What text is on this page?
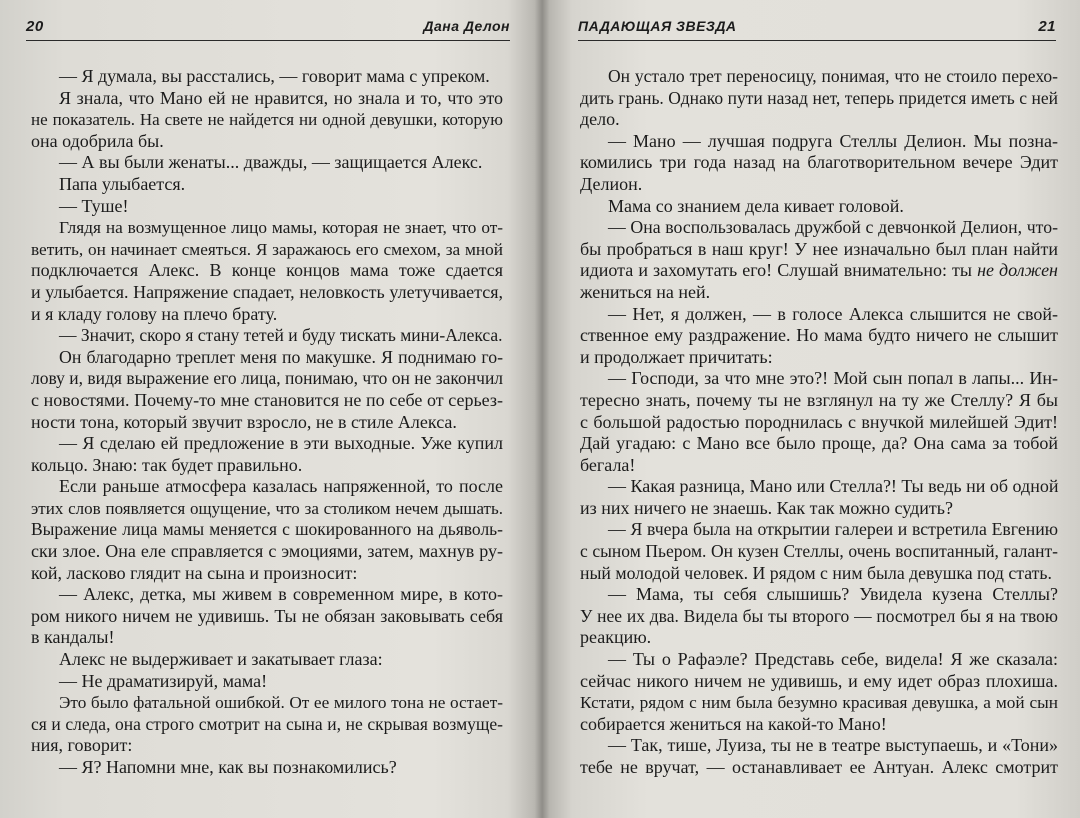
20	Дана Делон
— Я думала, вы расстались, — говорит мама с упреком.
Я знала, что Мано ей не нравится, но знала и то, что это
не показатель. На свете не найдется ни одной девушки, которую
она одобрила бы.
— А вы были женаты... дважды, — защищается Алекс.
Папа улыбается.
— Туше!
Глядя на возмущенное лицо мамы, которая не знает, что от-
ветить, он начинает смеяться. Я заражаюсь его смехом, за мной
подключается Алекс. В конце концов мама тоже сдается
и улыбается. Напряжение спадает, неловкость улетучивается,
и я кладу голову на плечо брату.
— Значит, скоро я стану тетей и буду тискать мини-Алекса.
Он благодарно треплет меня по макушке. Я поднимаю го-
лову и, видя выражение его лица, понимаю, что он не закончил
с новостями. Почему-то мне становится не по себе от серьез-
ности тона, который звучит взросло, не в стиле Алекса.
— Я сделаю ей предложение в эти выходные. Уже купил
кольцо. Знаю: так будет правильно.
Если раньше атмосфера казалась напряженной, то после
этих слов появляется ощущение, что за столиком нечем дышать.
Выражение лица мамы меняется с шокированного на дьяволь-
ски злое. Она еле справляется с эмоциями, затем, махнув ру-
кой, ласково глядит на сына и произносит:
— Алекс, детка, мы живем в современном мире, в кото-
ром никого ничем не удивишь. Ты не обязан заковывать себя
в кандалы!
Алекс не выдерживает и закатывает глаза:
— Не драматизируй, мама!
Это было фатальной ошибкой. От ее милого тона не остает-
ся и следа, она строго смотрит на сына и, не скрывая возмуще-
ния, говорит:
— Я? Напомни мне, как вы познакомились?
ПАДАЮЩАЯ ЗВЕЗДА	21
Он устало трет переносицу, понимая, что не стоило перехо-
дить грань. Однако пути назад нет, теперь придется иметь с ней
дело.
— Мано — лучшая подруга Стеллы Делион. Мы позна-
комились три года назад на благотворительном вечере Эдит
Делион.
Мама со знанием дела кивает головой.
— Она воспользовалась дружбой с девчонкой Делион, что-
бы пробраться в наш круг! У нее изначально был план найти
идиота и захомутать его! Слушай внимательно: ты не должен
жениться на ней.
— Нет, я должен, — в голосе Алекса слышится не свой-
ственное ему раздражение. Но мама будто ничего не слышит
и продолжает причитать:
— Господи, за что мне это?! Мой сын попал в лапы... Ин-
тересно знать, почему ты не взглянул на ту же Стеллу? Я бы
с большой радостью породнилась с внучкой милейшей Эдит!
Дай угадаю: с Мано все было проще, да? Она сама за тобой
бегала!
— Какая разница, Мано или Стелла?! Ты ведь ни об одной
из них ничего не знаешь. Как так можно судить?
— Я вчера была на открытии галереи и встретила Евгению
с сыном Пьером. Он кузен Стеллы, очень воспитанный, галант-
ный молодой человек. И рядом с ним была девушка под стать.
— Мама, ты себя слышишь? Увидела кузена Стеллы?
У нее их два. Видела бы ты второго — посмотрел бы я на твою
реакцию.
— Ты о Рафаэле? Представь себе, видела! Я же сказала:
сейчас никого ничем не удивишь, и ему идет образ плохиша.
Кстати, рядом с ним была безумно красивая девушка, а мой сын
собирается жениться на какой-то Мано!
— Так, тише, Луиза, ты не в театре выступаешь, и «Тони»
тебе не вручат, — останавливает ее Антуан. Алекс смотрит
